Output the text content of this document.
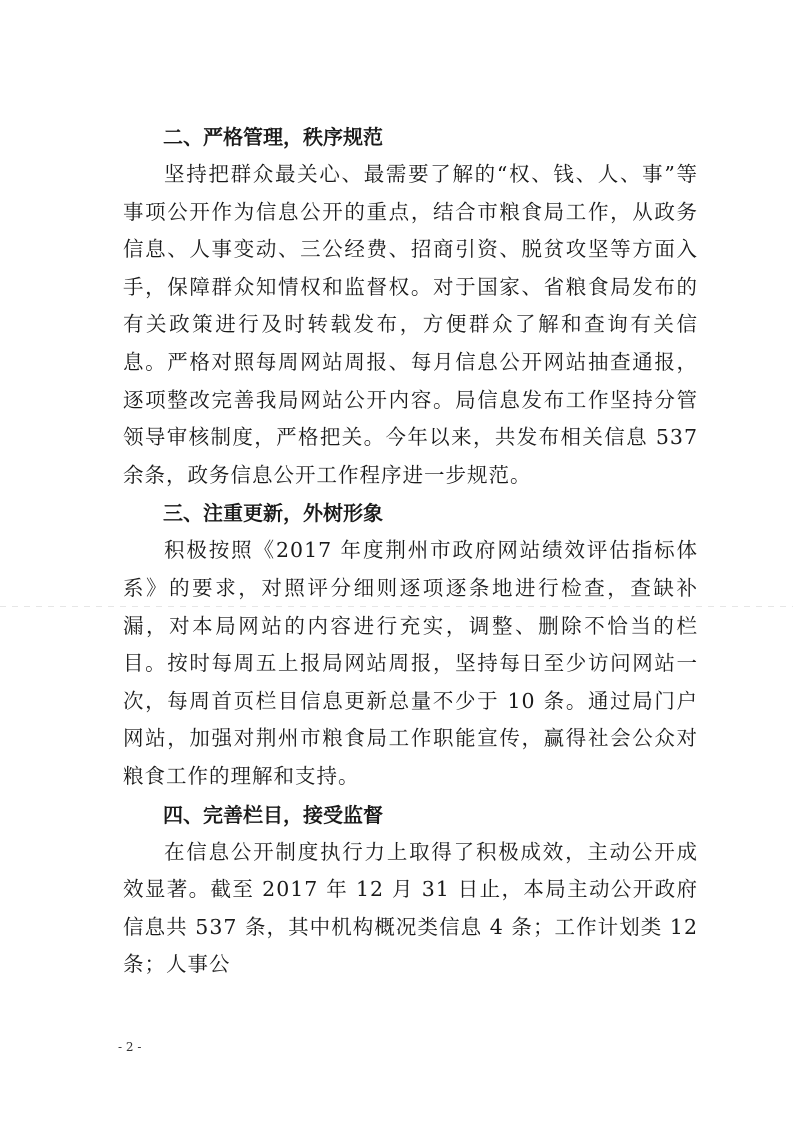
二、严格管理，秩序规范

坚持把群众最关心、最需要了解的“权、钱、人、事”等事项公开作为信息公开的重点，结合市粮食局工作，从政务信息、人事变动、三公经费、招商引资、脱贫攻坚等方面入手，保障群众知情权和监督权。对于国家、省粮食局发布的有关政策进行及时转载发布，方便群众了解和查询有关信息。严格对照每周网站周报、每月信息公开网站抽查通报，逐项整改完善我局网站公开内容。局信息发布工作坚持分管领导审核制度，严格把关。今年以来，共发布相关信息 537 余条，政务信息公开工作程序进一步规范。

三、注重更新，外树形象

积极按照《2017 年度荆州市政府网站绩效评估指标体系》的要求，对照评分细则逐项逐条地进行检查，查缺补漏，对本局网站的内容进行充实，调整、删除不恰当的栏目。按时每周五上报局网站周报，坚持每日至少访问网站一次，每周首页栏目信息更新总量不少于 10 条。通过局门户网站，加强对荆州市粮食局工作职能宣传，赢得社会公众对粮食工作的理解和支持。

四、完善栏目，接受监督

在信息公开制度执行力上取得了积极成效，主动公开成效显著。截至 2017 年 12 月 31 日止，本局主动公开政府信息共 537 条，其中机构概况类信息 4 条；工作计划类 12 条；人事公

- 2 -
